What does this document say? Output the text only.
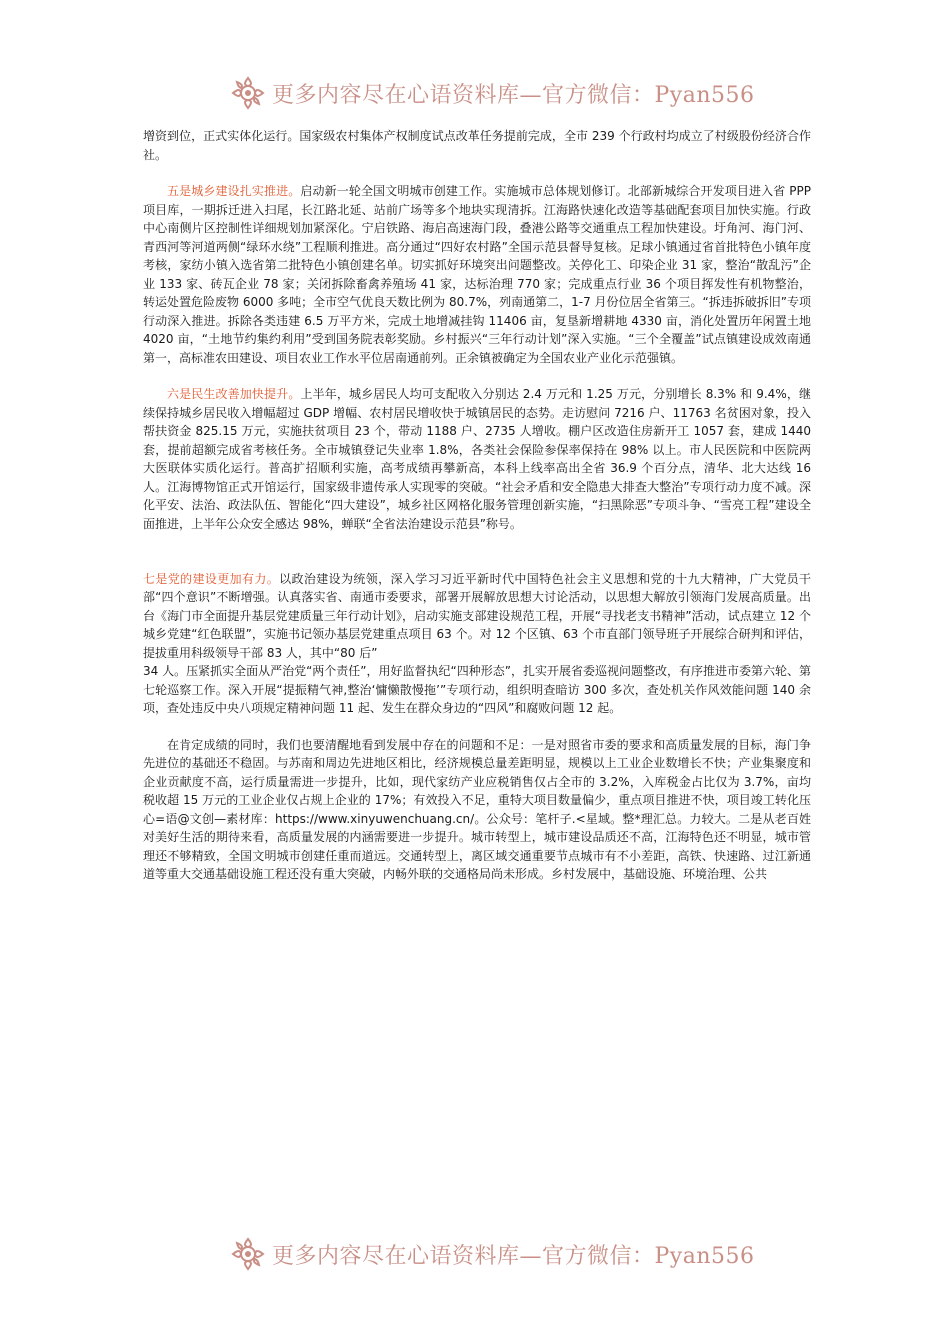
更多内容尽在心语资料库—官方微信：Pyan556

增资到位，正式实体化运行。国家级农村集体产权制度试点改革任务提前完成，全市 239 个行政村均成立了村级股份经济合作社。

五是城乡建设扎实推进。启动新一轮全国文明城市创建工作。实施城市总体规划修订。北部新城综合开发项目进入省 PPP 项目库，一期拆迁进入扫尾，长江路北延、站前广场等多个地块实现清拆。江海路快速化改造等基础配套项目加快实施。行政中心南侧片区控制性详细规划加紧深化。宁启铁路、海启高速海门段，叠港公路等交通重点工程加快建设。圩角河、海门河、青西河等河道两侧“绿环水绕”工程顺利推进。高分通过“四好农村路”全国示范县督导复核。足球小镇通过省首批特色小镇年度考核，家纺小镇入选省第二批特色小镇创建名单。切实抓好环境突出问题整改。关停化工、印染企业 31 家，整治“散乱污”企业 133 家、砖瓦企业 78 家；关闭拆除畜禽养殖场 41 家，达标治理 770 家；完成重点行业 36 个项目挥发性有机物整治，转运处置危险废物 6000 多吨；全市空气优良天数比例为 80.7%，列南通第二，1-7 月份位居全省第三。“拆违拆破拆旧”专项行动深入推进。拆除各类违建 6.5 万平方米，完成土地增减挂钩 11406 亩，复垦新增耕地 4330 亩，消化处置历年闲置土地 4020 亩，“土地节约集约利用”受到国务院表彰奖励。乡村振兴“三年行动计划”深入实施。“三个全覆盖”试点镇建设成效南通第一，高标准农田建设、项目农业工作水平位居南通前列。正余镇被确定为全国农业产业化示范强镇。

六是民生改善加快提升。上半年，城乡居民人均可支配收入分别达 2.4 万元和 1.25 万元，分别增长 8.3% 和 9.4%，继续保持城乡居民收入增幅超过 GDP 增幅、农村居民增收快于城镇居民的态势。走访慰问 7216 户、11763 名贫困对象，投入帮扶资金 825.15 万元，实施扶贫项目 23 个，带动 1188 户、2735 人增收。棚户区改造住房新开工 1057 套，建成 1440 套，提前超额完成省考核任务。全市城镇登记失业率 1.8%，各类社会保险参保率保持在 98% 以上。市人民医院和中医院两大医联体实质化运行。普高扩招顺利实施，高考成绩再攀新高，本科上线率高出全省 36.9 个百分点，清华、北大达线 16 人。江海博物馆正式开馆运行，国家级非遗传承人实现零的突破。“社会矛盾和安全隐患大排查大整治”专项行动力度不减。深化平安、法治、政法队伍、智能化“四大建设”，城乡社区网格化服务管理创新实施，“扫黑除恶”专项斗争、“雪亮工程”建设全面推进，上半年公众安全感达 98%，蝉联“全省法治建设示范县”称号。

七是党的建设更加有力。以政治建设为统领，深入学习习近平新时代中国特色社会主义思想和党的十九大精神，广大党员干部“四个意识”不断增强。认真落实省、南通市委要求，部署开展解放思想大讨论活动，以思想大解放引领海门发展高质量。出台《海门市全面提升基层党建质量三年行动计划》，启动实施支部建设规范工程，开展“寻找老支书精神”活动，试点建立 12 个城乡党建“红色联盟”，实施书记领办基层党建重点项目 63 个。对 12 个区镇、63 个市直部门领导班子开展综合研判和评估，提拔重用科级领导干部 83 人，其中“80 后”
34 人。压紧抓实全面从严治党“两个责任”，用好监督执纪“四种形态”，扎实开展省委巡视问题整改，有序推进市委第六轮、第七轮巡察工作。深入开展“提振精气神,整治‘慵懒散慢拖’”专项行动，组织明查暗访 300 多次，查处机关作风效能问题 140 余项，查处违反中央八项规定精神问题 11 起、发生在群众身边的“四风”和腐败问题 12 起。

在肯定成绩的同时，我们也要清醒地看到发展中存在的问题和不足：一是对照省市委的要求和高质量发展的目标，海门争先进位的基础还不稳固。与苏南和周边先进地区相比，经济规模总量差距明显，规模以上工业企业数增长不快；产业集聚度和企业贡献度不高，运行质量需进一步提升，比如，现代家纺产业应税销售仅占全市的 3.2%，入库税金占比仅为 3.7%，亩均税收超 15 万元的工业企业仅占规上企业的 17%；有效投入不足，重特大项目数量偏少，重点项目推进不快，项目竣工转化压心=语@文创—素材库：https://www.xinyuwenchuang.cn/。公众号：笔杆子.<星域。整*理汇总。力较大。二是从老百姓对美好生活的期待来看，高质量发展的内涵需要进一步提升。城市转型上，城市建设品质还不高，江海特色还不明显，城市管理还不够精致，全国文明城市创建任重而道远。交通转型上，离区域交通重要节点城市有不小差距，高铁、快速路、过江新通道等重大交通基础设施工程还没有重大突破，内畅外联的交通格局尚未形成。乡村发展中，基础设施、环境治理、公共

更多内容尽在心语资料库—官方微信：Pyan556
